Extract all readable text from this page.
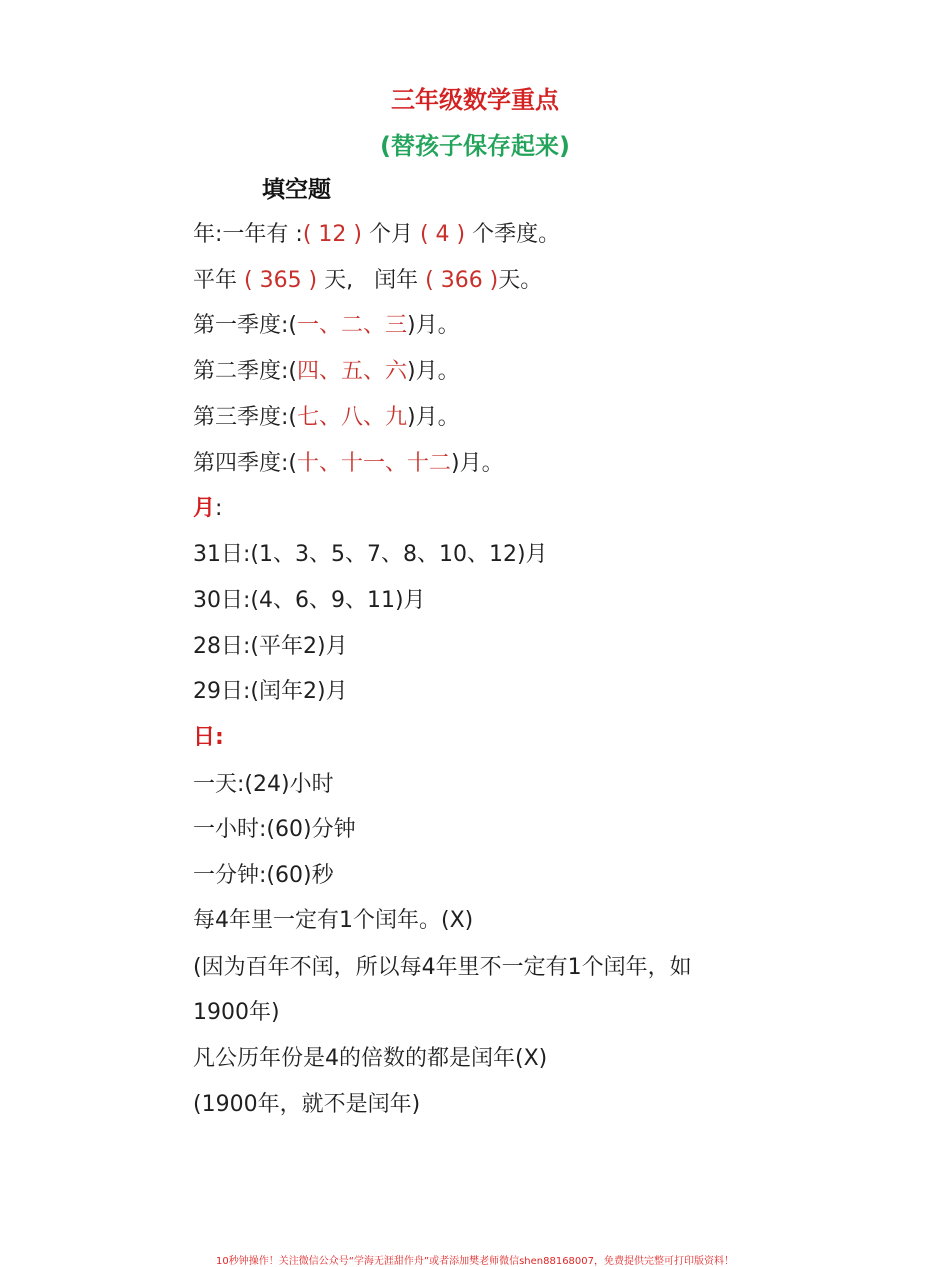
三年级数学重点
(替孩子保存起来)
填空题
年:一年有 :( 12 ) 个月 ( 4 ) 个季度。
平年 ( 365 ) 天,   闰年 ( 366 )天。
第一季度:(一、二、三)月。
第二季度:(四、五、六)月。
第三季度:(七、八、九)月。
第四季度:(十、十一、十二)月。
月:
31日:(1、3、5、7、8、10、12)月
30日:(4、6、9、11)月
28日:(平年2)月
29日:(闰年2)月
日:
一天:(24)小时
一小时:(60)分钟
一分钟:(60)秒
每4年里一定有1个闰年。(X)
(因为百年不闰，所以每4年里不一定有1个闰年，如
1900年)
凡公历年份是4的倍数的都是闰年(X)
(1900年，就不是闰年)
10秒钟操作！关注微信公众号“学海无涯甜作舟”或者添加樊老师微信shen88168007，免费提供完整可打印版资料！
